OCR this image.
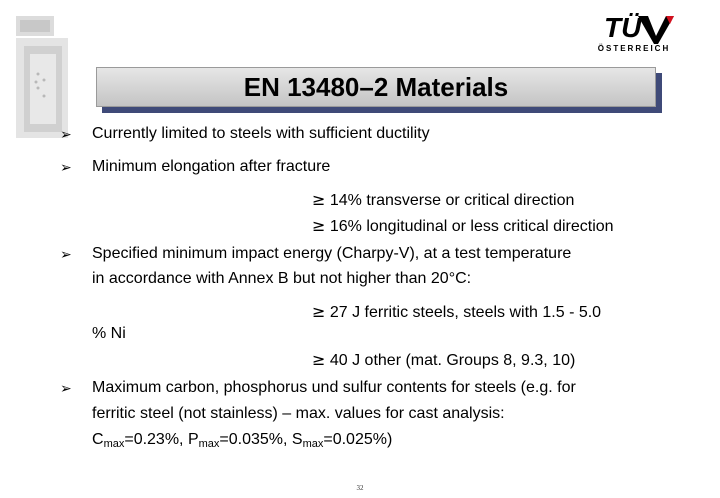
TÜ
ÖSTERREICH
EN 13480–2 Materials
➢ Currently limited to steels with sufficient ductility
➢ Minimum elongation after fracture
≥ 14% transverse or critical direction
≥ 16% longitudinal or less critical direction
➢ Specified minimum impact energy (Charpy-V), at a test temperature
in accordance with Annex B but not higher than 20°C:
≥ 27 J ferritic steels, steels with 1.5 - 5.0
% Ni
≥ 40 J other (mat. Groups 8, 9.3, 10)
➢ Maximum carbon, phosphorus und sulfur contents for steels (e.g. for
ferritic steel (not stainless) – max. values for cast analysis:
$C_{max}=0.23\%$, $P_{max}=0.035\%$, $S_{max}=0.025\%$)
32
